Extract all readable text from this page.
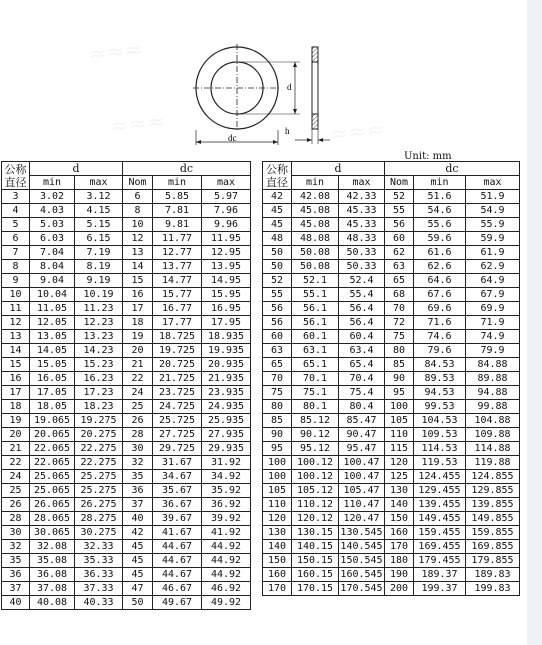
≈≈≈
≈≈≈	≈≈≈
dc
d
h
Unit: mm
公称直径	d		dc		
	min	max	Nom	min	max
3	3.02	3.12	6	5.85	5.97
4	4.03	4.15	8	7.81	7.96
5	5.03	5.15	10	9.81	9.96
6	6.03	6.15	12	11.77	11.95
7	7.04	7.19	13	12.77	12.95
8	8.04	8.19	14	13.77	13.95
9	9.04	9.19	15	14.77	14.95
10	10.04	10.19	16	15.77	15.95
11	11.05	11.23	17	16.77	16.95
12	12.05	12.23	18	17.77	17.95
13	13.05	13.23	19	18.725	18.935
14	14.05	14.23	20	19.725	19.935
15	15.05	15.23	21	20.725	20.935
16	16.05	16.23	22	21.725	21.935
17	17.05	17.23	24	23.725	23.935
18	18.05	18.23	25	24.725	24.935
19	19.065	19.275	26	25.725	25.935
20	20.065	20.275	28	27.725	27.935
21	22.065	22.275	30	29.725	29.935
22	22.065	22.275	32	31.67	31.92
24	25.065	25.275	35	34.67	34.92
25	25.065	25.275	36	35.67	35.92
26	26.065	26.275	37	36.67	36.92
28	28.065	28.275	40	39.67	39.92
30	30.065	30.275	42	41.67	41.92
32	32.08	32.33	45	44.67	44.92
35	35.08	35.33	45	44.67	44.92
36	36.08	36.33	45	44.67	44.92
37	37.08	37.33	47	46.67	46.92
40	40.08	40.33	50	49.67	49.92
公称直径	d		dc		
	min	max	Nom	min	max
42	42.08	42.33	52	51.6	51.9
45	45.08	45.33	55	54.6	54.9
45	45.08	45.33	56	55.6	55.9
48	48.08	48.33	60	59.6	59.9
50	50.08	50.33	62	61.6	61.9
50	50.08	50.33	63	62.6	62.9
52	52.1	52.4	65	64.6	64.9
55	55.1	55.4	68	67.6	67.9
56	56.1	56.4	70	69.6	69.9
56	56.1	56.4	72	71.6	71.9
60	60.1	60.4	75	74.6	74.9
63	63.1	63.4	80	79.6	79.9
65	65.1	65.4	85	84.53	84.88
70	70.1	70.4	90	89.53	89.88
75	75.1	75.4	95	94.53	94.88
80	80.1	80.4	100	99.53	99.88
85	85.12	85.47	105	104.53	104.88
90	90.12	90.47	110	109.53	109.88
95	95.12	95.47	115	114.53	114.88
100	100.12	100.47	120	119.53	119.88
100	100.12	100.47	125	124.455	124.855
105	105.12	105.47	130	129.455	129.855
110	110.12	110.47	140	139.455	139.855
120	120.12	120.47	150	149.455	149.855
130	130.15	130.545	160	159.455	159.855
140	140.15	140.545	170	169.455	169.855
150	150.15	150.545	180	179.455	179.855
160	160.15	160.545	190	189.37	189.83
170	170.15	170.545	200	199.37	199.83
